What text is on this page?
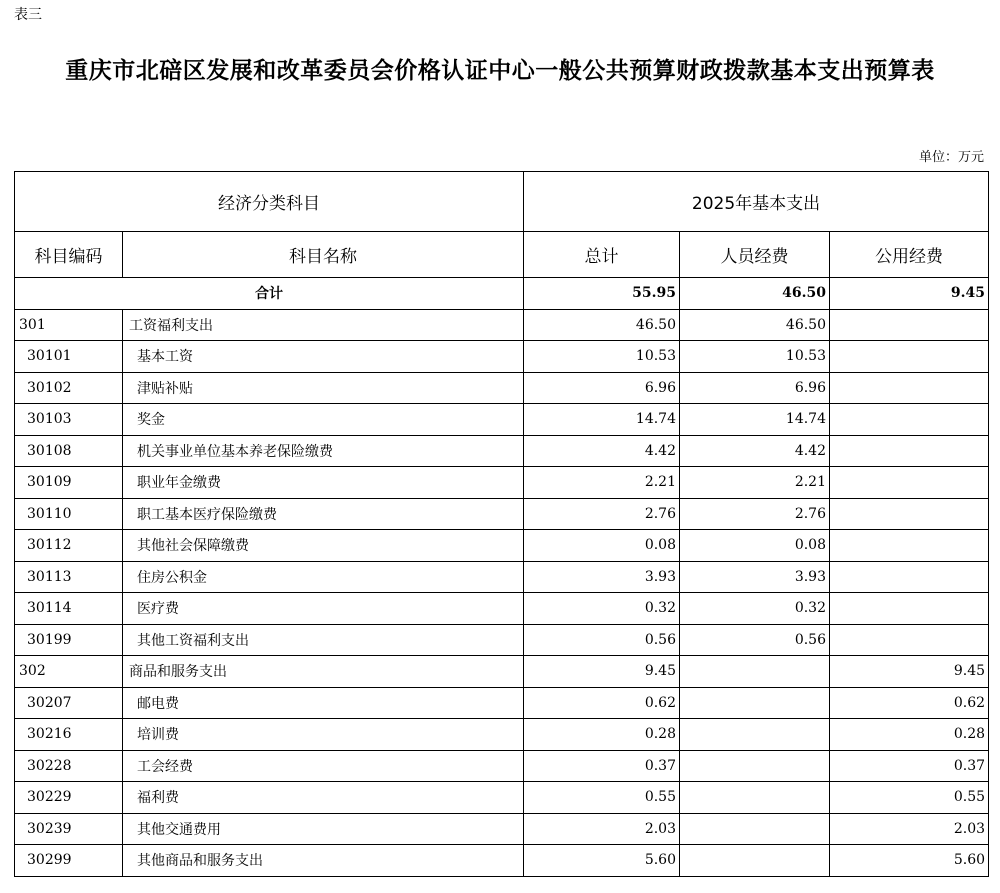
表三
重庆市北碚区发展和改革委员会价格认证中心一般公共预算财政拨款基本支出预算表
单位：万元
经济分类科目		2025年基本支出		
科目编码	科目名称	总计	人员经费	公用经费
合计		55.95	46.50	9.45
301	工资福利支出	46.50	46.50	
30101	基本工资	10.53	10.53	
30102	津贴补贴	6.96	6.96	
30103	奖金	14.74	14.74	
30108	机关事业单位基本养老保险缴费	4.42	4.42	
30109	职业年金缴费	2.21	2.21	
30110	职工基本医疗保险缴费	2.76	2.76	
30112	其他社会保障缴费	0.08	0.08	
30113	住房公积金	3.93	3.93	
30114	医疗费	0.32	0.32	
30199	其他工资福利支出	0.56	0.56	
302	商品和服务支出	9.45		9.45
30207	邮电费	0.62		0.62
30216	培训费	0.28		0.28
30228	工会经费	0.37		0.37
30229	福利费	0.55		0.55
30239	其他交通费用	2.03		2.03
30299	其他商品和服务支出	5.60		5.60
